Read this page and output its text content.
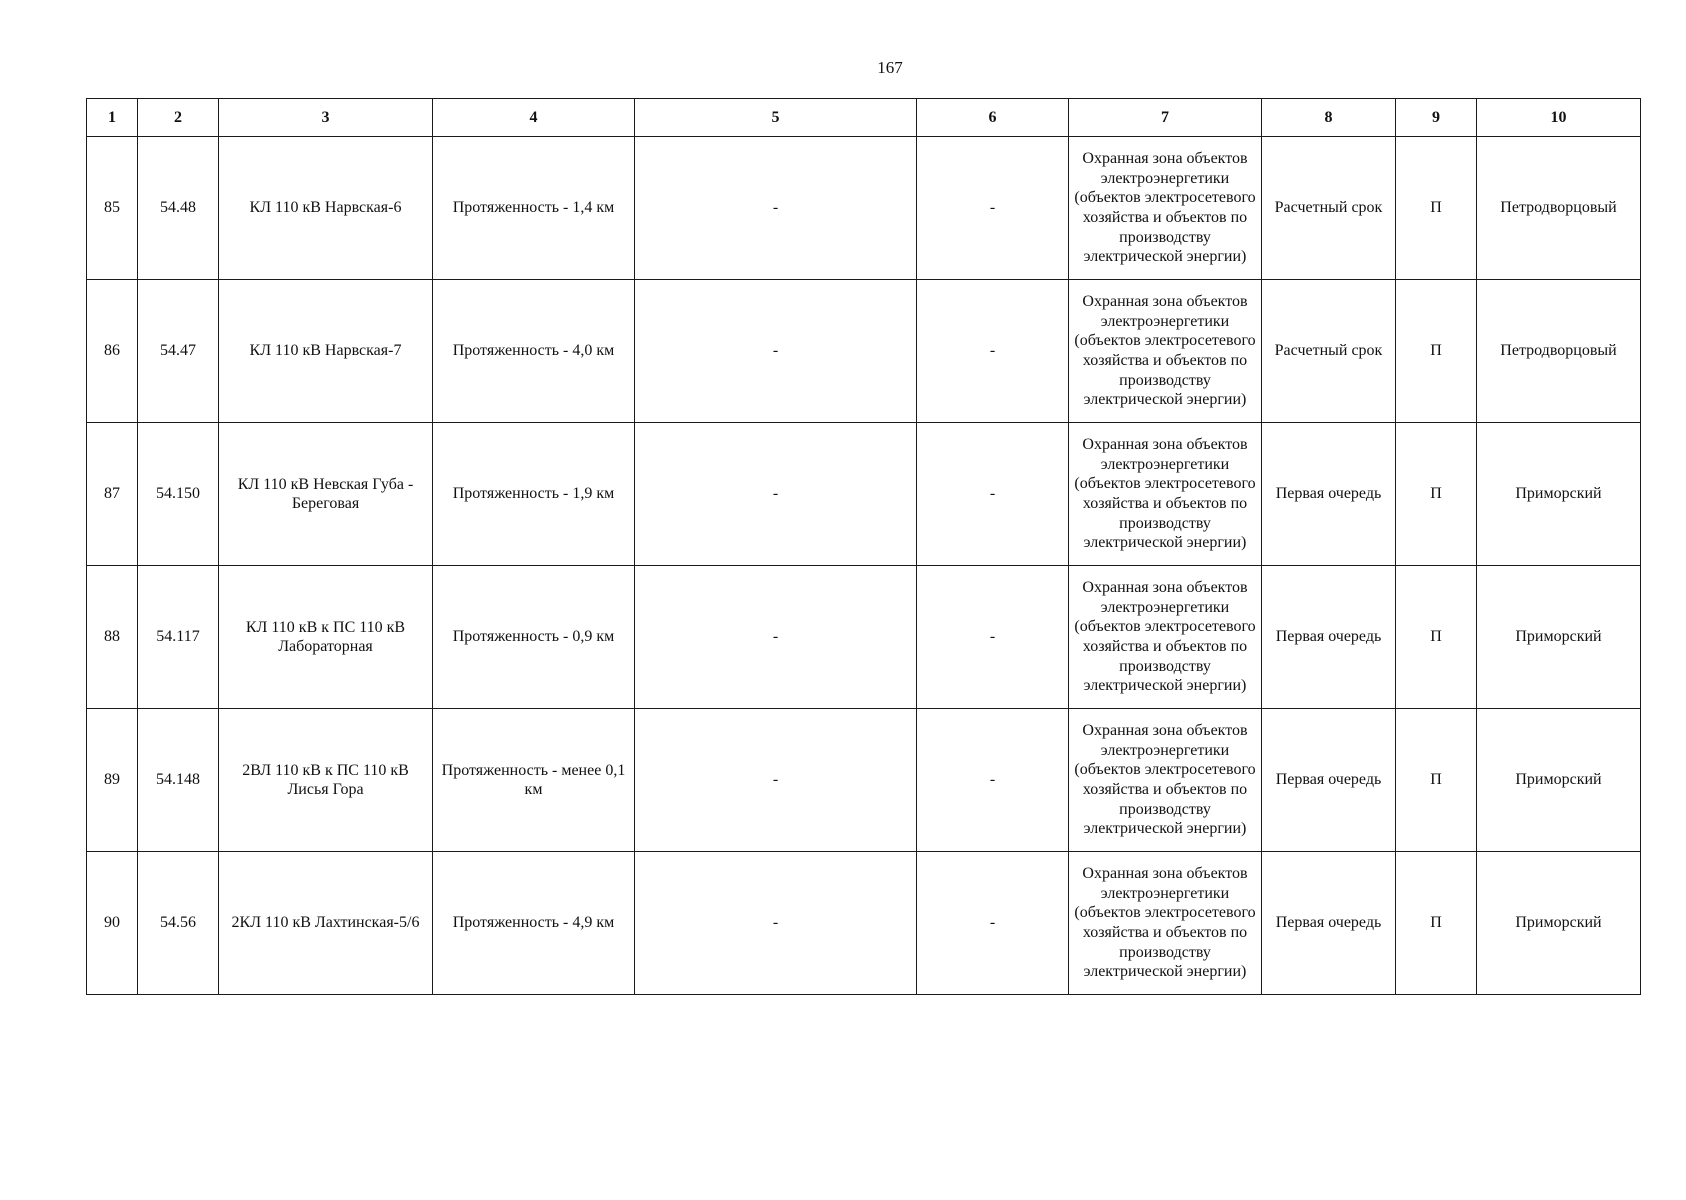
167
1	2	3	4	5	6	7	8	9	10
85	54.48	КЛ 110 кВ Нарвская-6	Протяженность - 1,4 км	-	-	Охранная зона объектов электроэнергетики (объектов электросетевого хозяйства и объектов по производству электрической энергии)	Расчетный срок	П	Петродворцовый
86	54.47	КЛ 110 кВ Нарвская-7	Протяженность - 4,0 км	-	-	Охранная зона объектов электроэнергетики (объектов электросетевого хозяйства и объектов по производству электрической энергии)	Расчетный срок	П	Петродворцовый
87	54.150	КЛ 110 кВ Невская Губа - Береговая	Протяженность - 1,9 км	-	-	Охранная зона объектов электроэнергетики (объектов электросетевого хозяйства и объектов по производству электрической энергии)	Первая очередь	П	Приморский
88	54.117	КЛ 110 кВ к ПС 110 кВ Лабораторная	Протяженность - 0,9 км	-	-	Охранная зона объектов электроэнергетики (объектов электросетевого хозяйства и объектов по производству электрической энергии)	Первая очередь	П	Приморский
89	54.148	2ВЛ 110 кВ к ПС 110 кВ Лисья Гора	Протяженность - менее 0,1 км	-	-	Охранная зона объектов электроэнергетики (объектов электросетевого хозяйства и объектов по производству электрической энергии)	Первая очередь	П	Приморский
90	54.56	2КЛ 110 кВ Лахтинская-5/6	Протяженность - 4,9 км	-	-	Охранная зона объектов электроэнергетики (объектов электросетевого хозяйства и объектов по производству электрической энергии)	Первая очередь	П	Приморский
